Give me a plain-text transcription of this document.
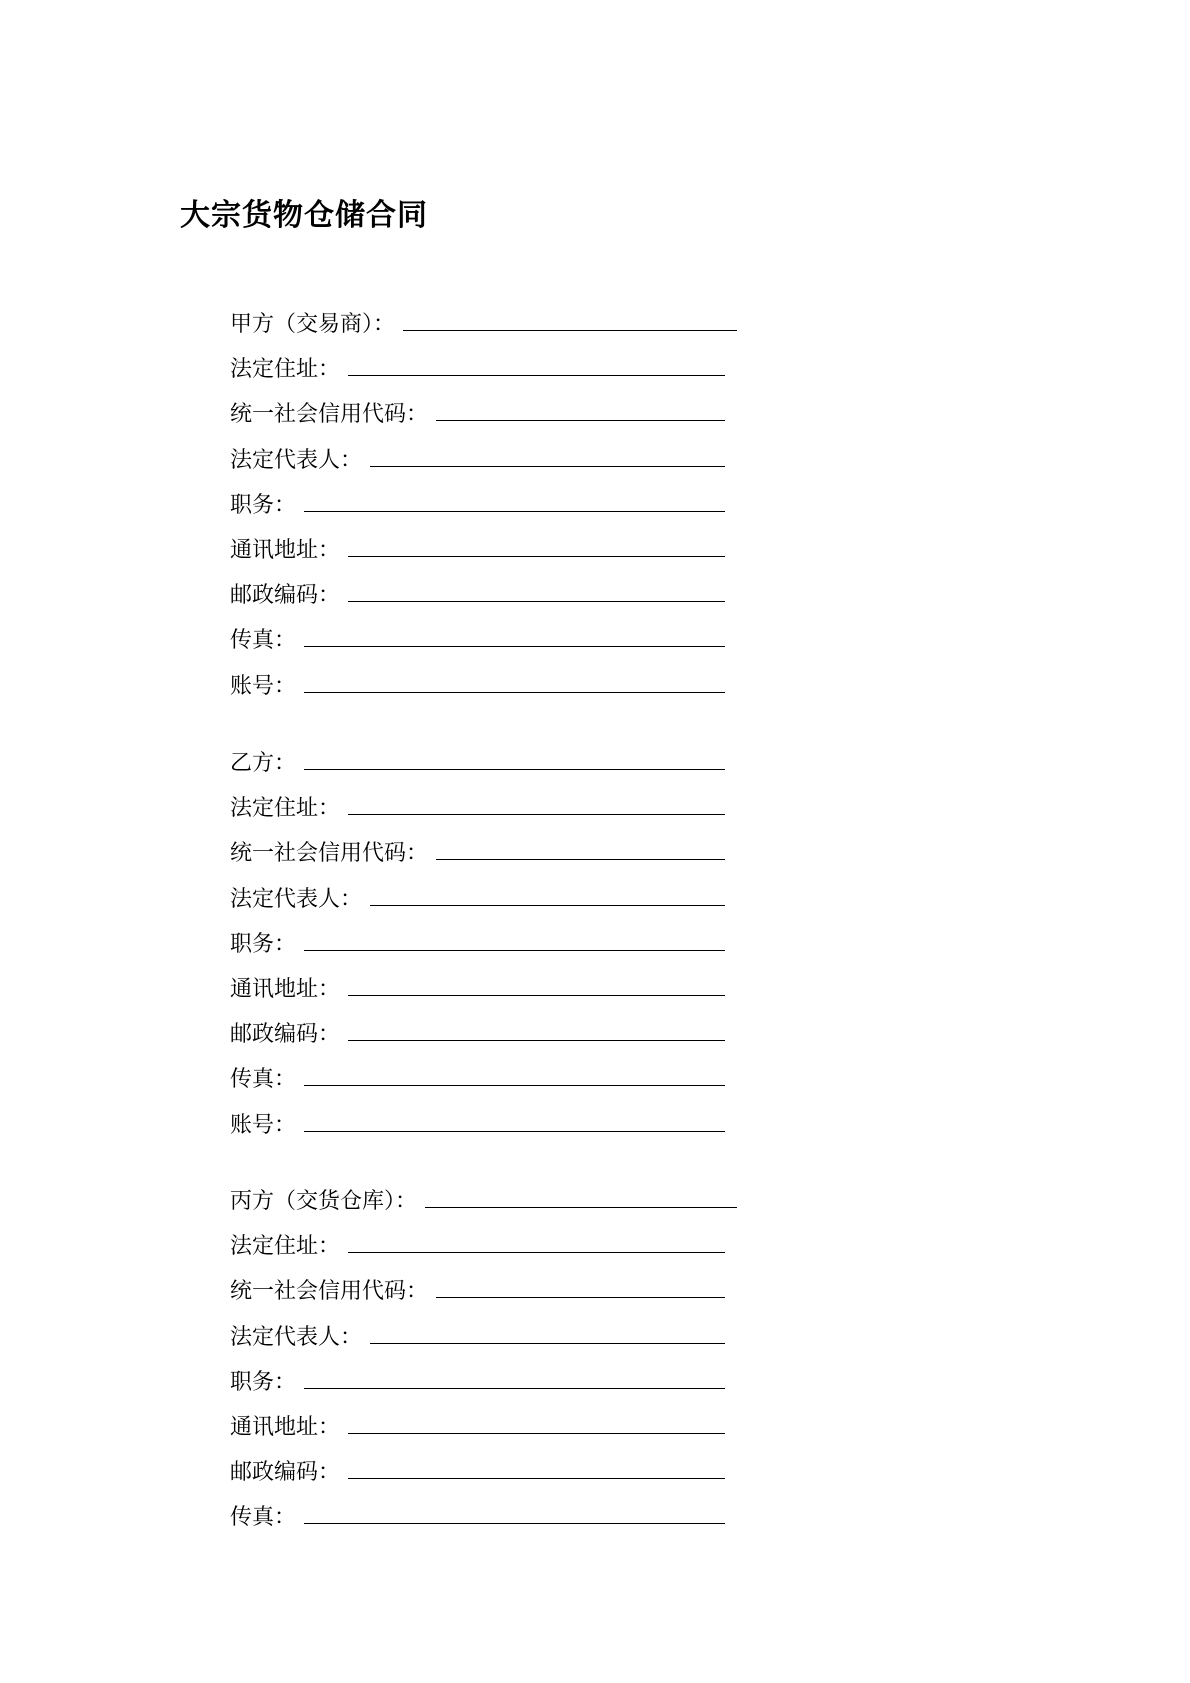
大宗货物仓储合同
甲方（交易商）：
法定住址：
统一社会信用代码：
法定代表人：
职务：
通讯地址：
邮政编码：
传真：
账号：
乙方：
法定住址：
统一社会信用代码：
法定代表人：
职务：
通讯地址：
邮政编码：
传真：
账号：
丙方（交货仓库）：
法定住址：
统一社会信用代码：
法定代表人：
职务：
通讯地址：
邮政编码：
传真：
